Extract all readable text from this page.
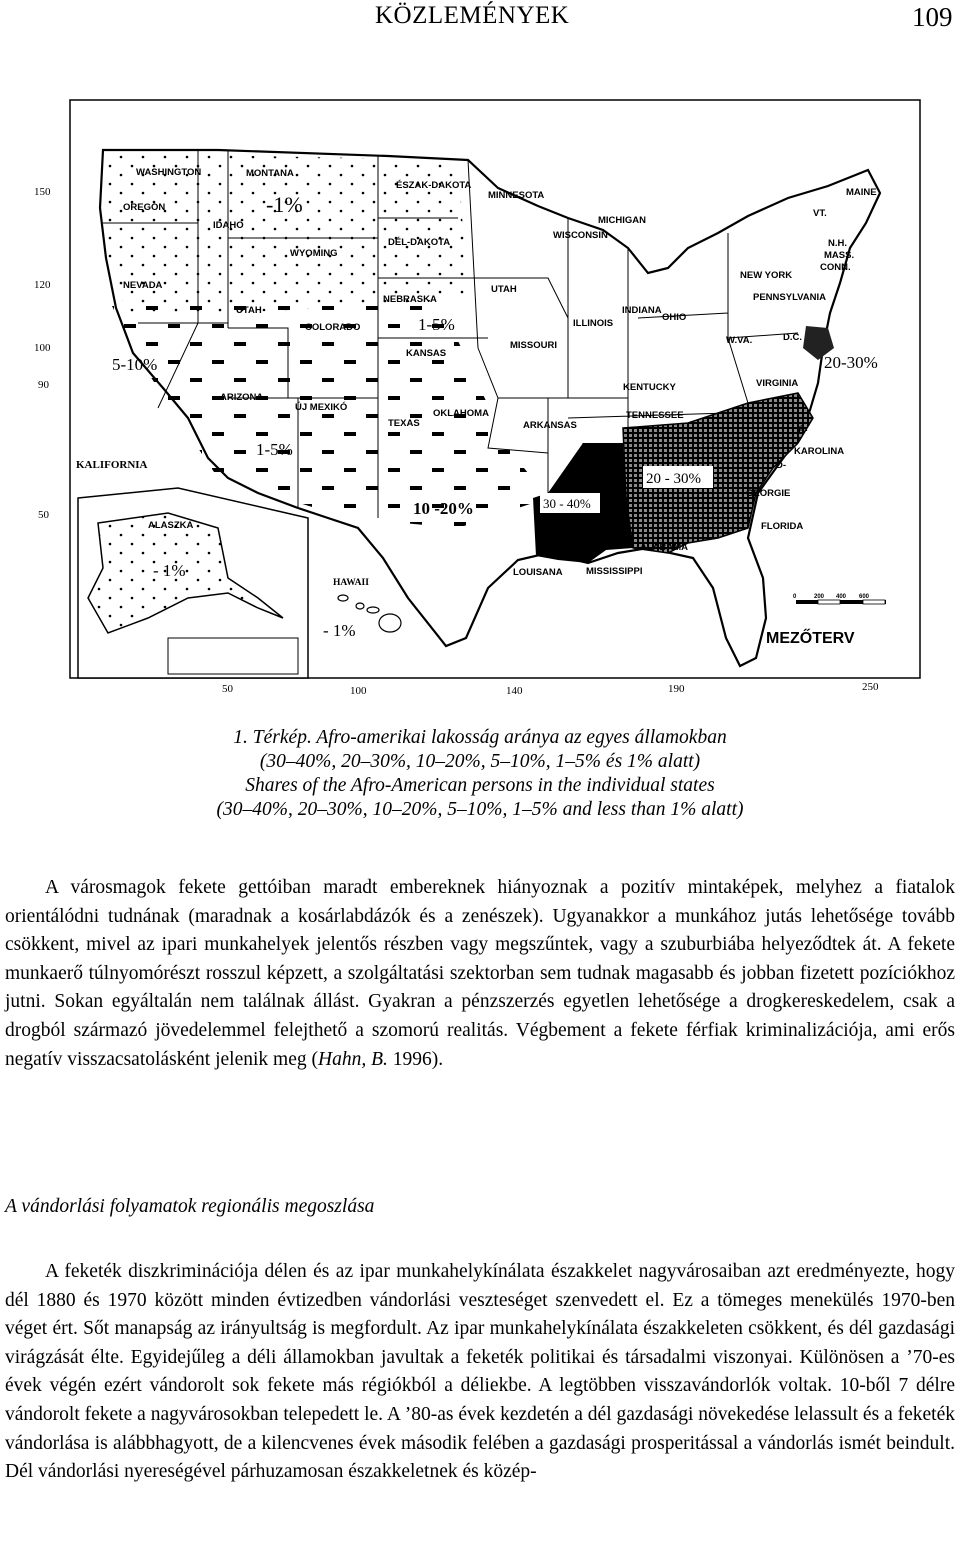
KÖZLEMÉNYEK	109
WASHINGTON
OREGON
IDAHO
MONTANA
WYOMING
ÉSZAK-DAKOTA
DÉL-DAKOTA
MINNESOTA
WISCONSIN
MICHIGAN
MAINE
VT.
N.H.
MASS.
CONN.
NEW YORK
PENNSYLVANIA
NEVADA
UTAH
COLORADO
NEBRASKA
UTAH
KANSAS
MISSOURI
ILLINOIS
INDIANA
OHIO
W.VA.	D.C.
VIRGINIA
KENTUCKY
TENNESSEE
ARIZONA
ÚJ MEXIKÓ
OKLAHOMA
TEXAS	ARKANSAS
KALIFORNIA
É-
KAROLINA
D-
GEORGIE
FLORIDA
ALABAMA
LOUISANA MISSISSIPPI
ALASZKA
HAWAII
-1%
1-5%
5-10%
1-5%
10 -20%	30 - 40%
20 - 30%
20-30%
- 1%
- 1%
150
120
100
90
50
50	100	140	190	250
0	200 400 600
MEZŐTERV
1. Térkép. Afro-amerikai lakosság aránya az egyes államokban
(30–40%, 20–30%, 10–20%, 5–10%, 1–5% és 1% alatt)
Shares of the Afro-American persons in the individual states
(30–40%, 20–30%, 10–20%, 5–10%, 1–5% and less than 1% alatt)

A városmagok fekete gettóiban maradt embereknek hiányoznak a pozitív mintaképek, melyhez a fiatalok orientálódni tudnának (maradnak a kosárlabdázók és a zenészek). Ugyanakkor a munkához jutás lehetősége tovább csökkent, mivel az ipari munkahelyek jelentős részben vagy megszűntek, vagy a szuburbiába helyeződtek át. A fekete munkaerő túlnyomórészt rosszul képzett, a szolgáltatási szektorban sem tudnak magasabb és jobban fizetett pozíciókhoz jutni. Sokan egyáltalán nem találnak állást. Gyakran a pénzszerzés egyetlen lehetősége a drogkereskedelem, csak a drogból származó jövedelemmel felejthető a szomorú realitás. Végbement a fekete férfiak kriminalizációja, ami erős negatív visszacsatolásként jelenik meg (Hahn, B. 1996).

A vándorlási folyamatok regionális megoszlása

A feketék diszkriminációja délen és az ipar munkahelykínálata északkelet nagyvárosaiban azt eredményezte, hogy dél 1880 és 1970 között minden évtizedben vándorlási veszteséget szenvedett el. Ez a tömeges menekülés 1970-ben véget ért. Sőt manapság az irányultság is megfordult. Az ipar munkahelykínálata északkeleten csökkent, és dél gazdasági virágzását élte. Egyidejűleg a déli államokban javultak a feketék politikai és társadalmi viszonyai. Különösen a ’70-es évek végén ezért vándorolt sok fekete más régiókból a déliekbe. A legtöbben visszavándorlók voltak. 10-ből 7 délre vándorolt fekete a nagyvárosokban telepedett le. A ’80-as évek kezdetén a dél gazdasági növekedése lelassult és a feketék vándorlása is alábbhagyott, de a kilencvenes évek második felében a gazdasági prosperitással a vándorlás ismét beindult. Dél vándorlási nyereségével párhuzamosan északkeletnek és közép-
